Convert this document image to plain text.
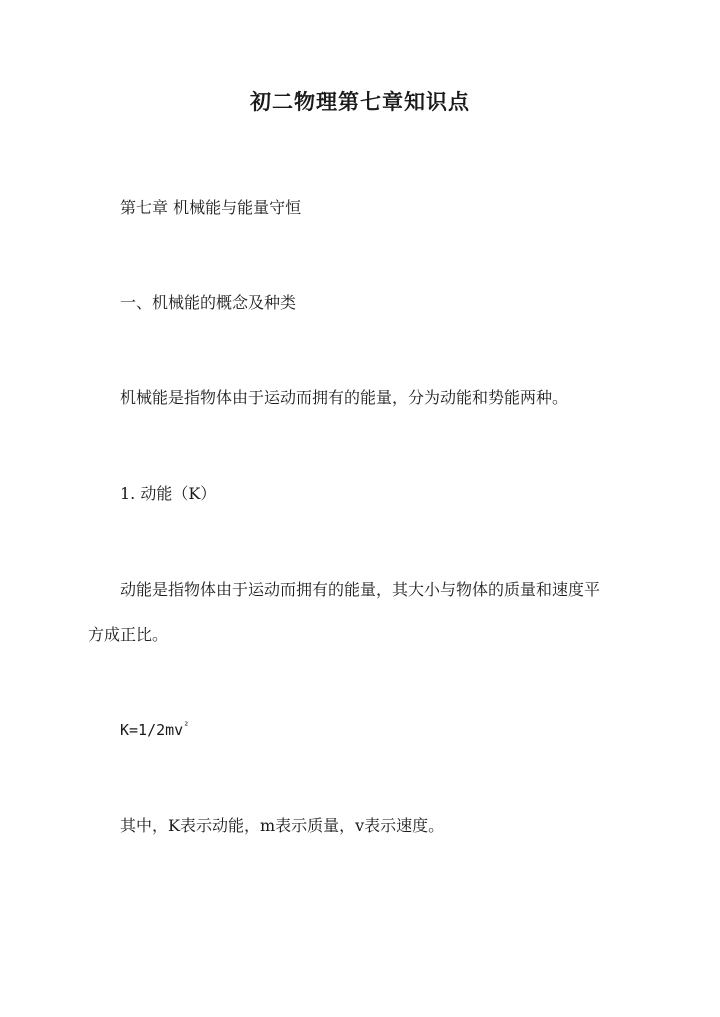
初二物理第七章知识点
第七章 机械能与能量守恒
一、机械能的概念及种类
机械能是指物体由于运动而拥有的能量，分为动能和势能两种。
1. 动能（K）
动能是指物体由于运动而拥有的能量，其大小与物体的质量和速度平
方成正比。
$K=1/2mv^{^2}$
其中，K表示动能，m表示质量，v表示速度。
